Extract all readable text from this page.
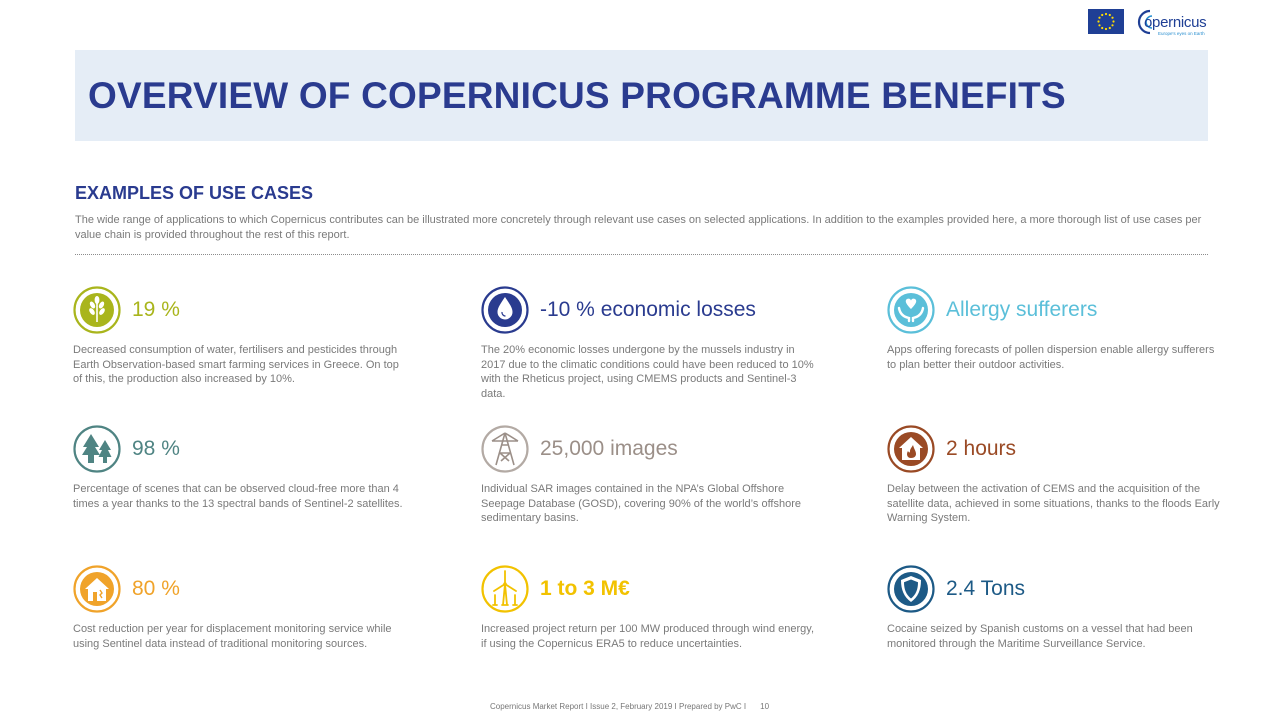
opernicus
Europe's eyes on Earth
OVERVIEW OF COPERNICUS PROGRAMME BENEFITS
EXAMPLES OF USE CASES

The wide range of applications to which Copernicus contributes can be illustrated more concretely through relevant use cases on selected applications. In addition to the examples provided here, a more thorough list of use cases per value chain is provided throughout the rest of this report.

19 %

Decreased consumption of water, fertilisers and pesticides through Earth Observation-based smart farming services in Greece. On top of this, the production also increased by 10%.

-10 % economic losses

The 20% economic losses undergone by the mussels industry in 2017 due to the climatic conditions could have been reduced to 10% with the Rheticus project, using CMEMS products and Sentinel-3 data.

Allergy sufferers

Apps offering forecasts of pollen dispersion enable allergy sufferers to plan better their outdoor activities.

98 %

Percentage of scenes that can be observed cloud-free more than 4 times a year thanks to the 13 spectral bands of Sentinel-2 satellites.

25,000 images

Individual SAR images contained in the NPA’s Global Offshore Seepage Database (GOSD), covering 90% of the world’s offshore sedimentary basins.

2 hours

Delay between the activation of CEMS and the acquisition of the satellite data, achieved in some situations, thanks to the floods Early Warning System.

80 %

Cost reduction per year for displacement monitoring service while using Sentinel data instead of traditional monitoring sources.

1 to 3 M€

Increased project return per 100 MW produced through wind energy, if using the Copernicus ERA5 to reduce uncertainties.

2.4 Tons

Cocaine seized by Spanish customs on a vessel that had been monitored through the Maritime Surveillance Service.

Copernicus Market Report I Issue 2, February 2019 I Prepared by PwC I 10
